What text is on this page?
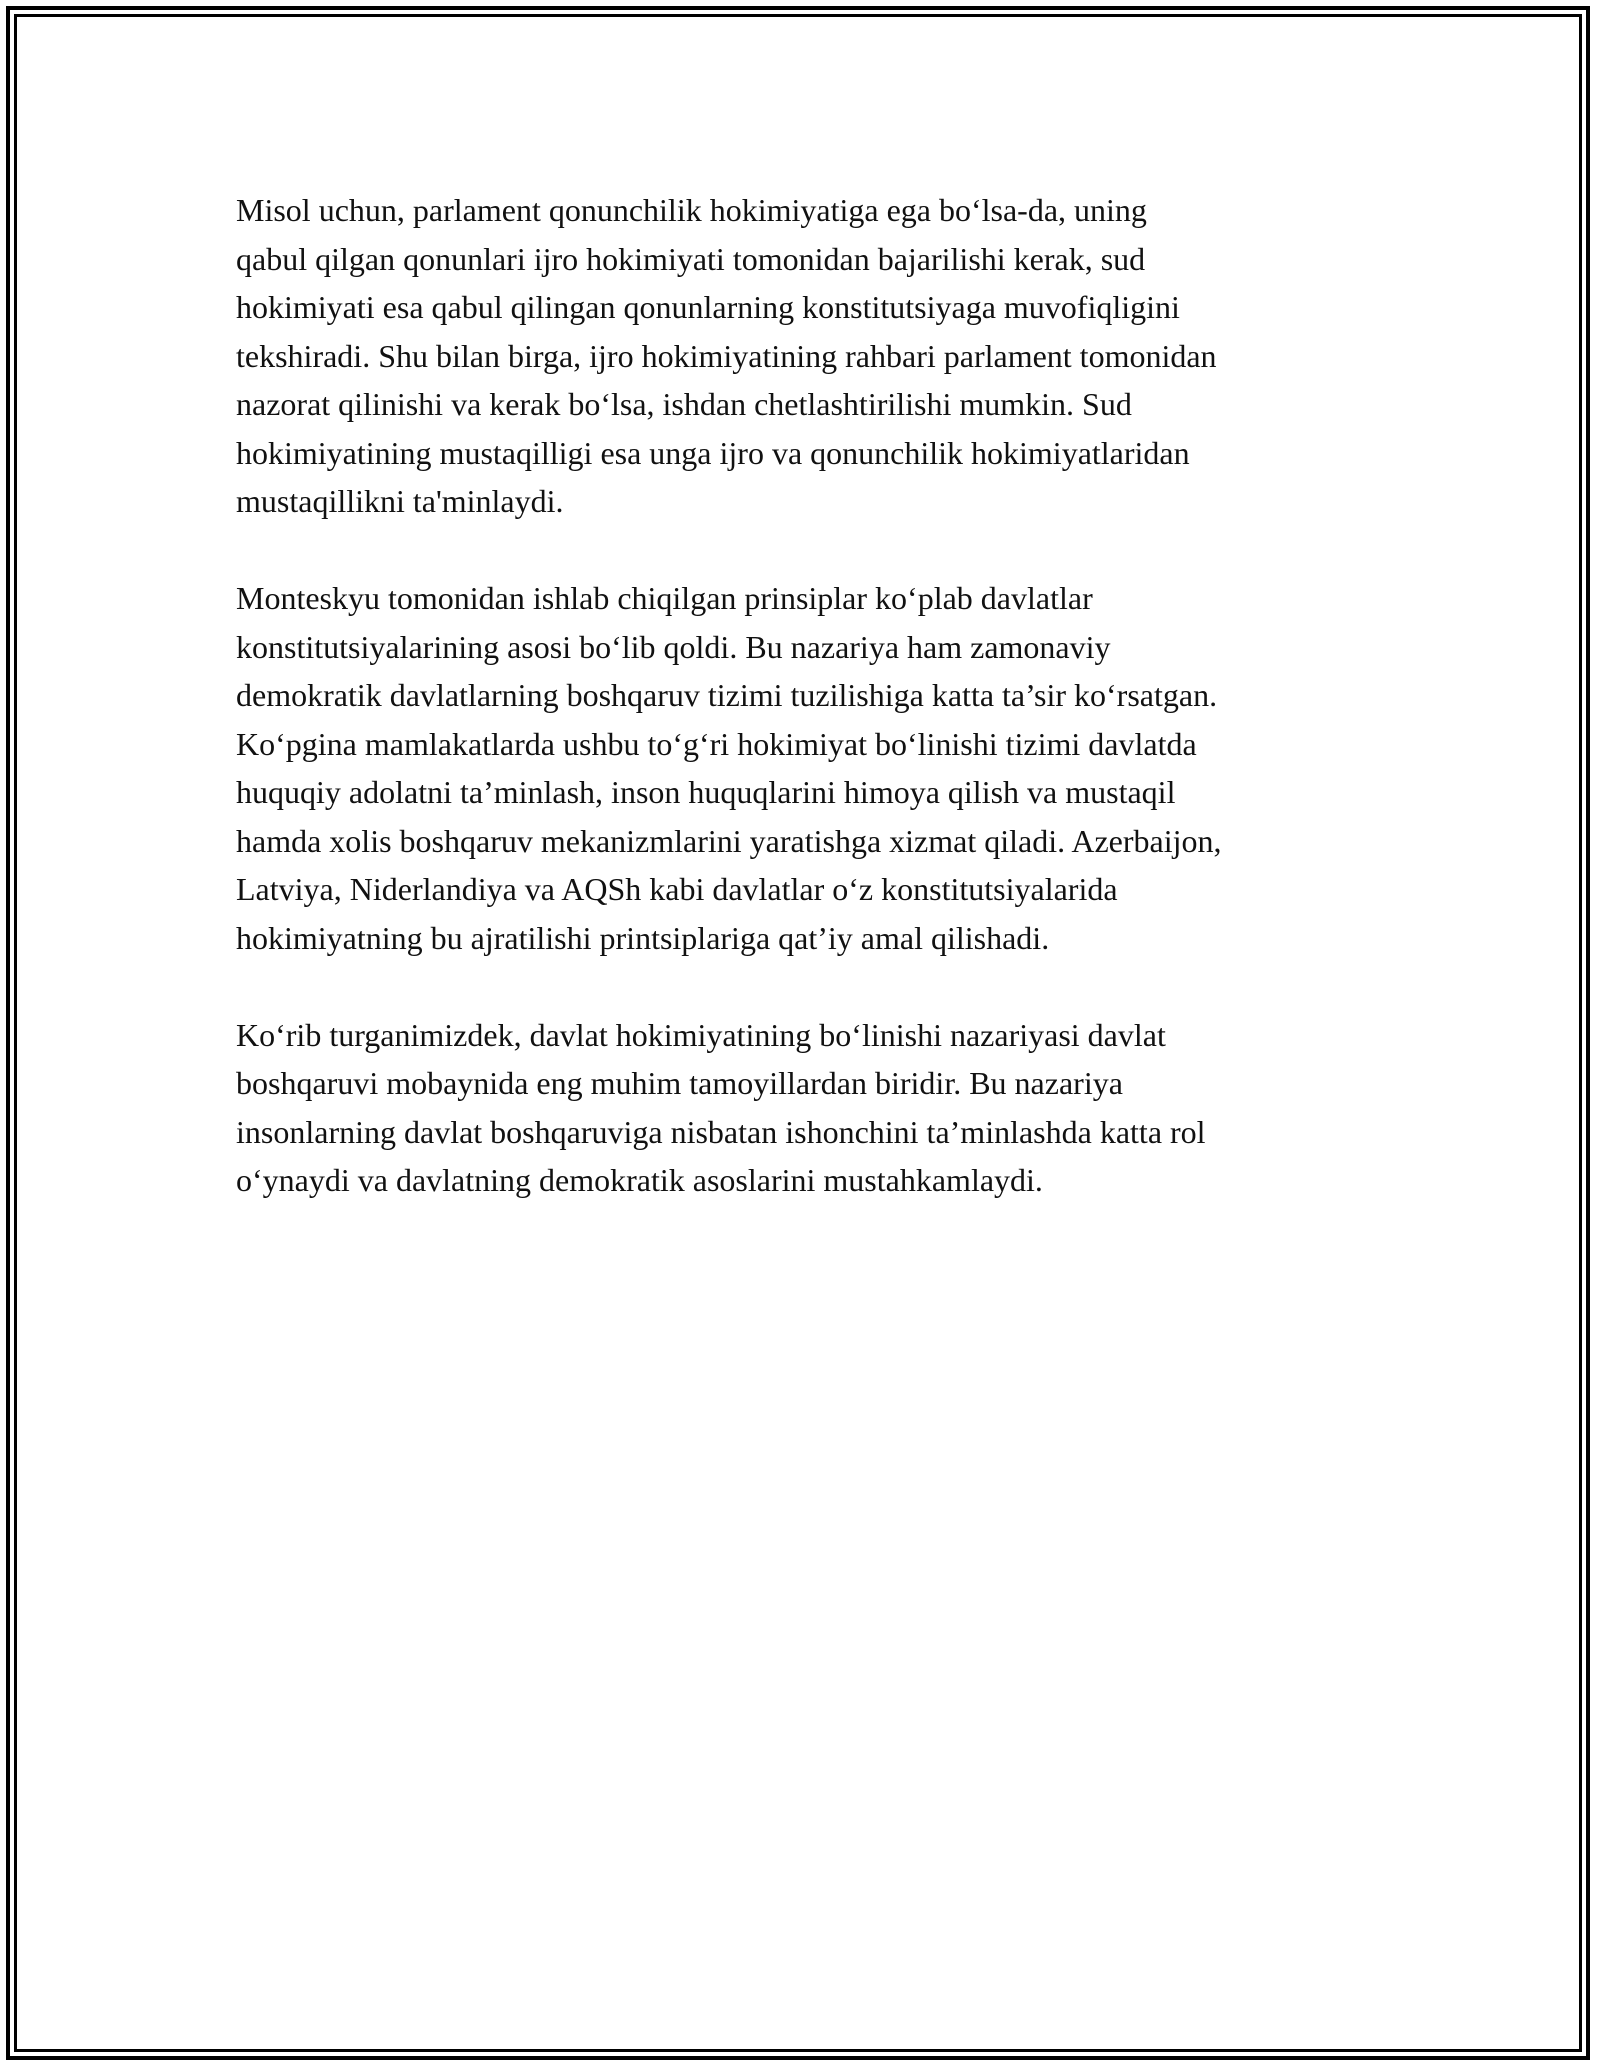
Misol uchun, parlament qonunchilik hokimiyatiga ega bo‘lsa-da, uning
qabul qilgan qonunlari ijro hokimiyati tomonidan bajarilishi kerak, sud
hokimiyati esa qabul qilingan qonunlarning konstitutsiyaga muvofiqligini
tekshiradi. Shu bilan birga, ijro hokimiyatining rahbari parlament tomonidan
nazorat qilinishi va kerak bo‘lsa, ishdan chetlashtirilishi mumkin. Sud
hokimiyatining mustaqilligi esa unga ijro va qonunchilik hokimiyatlaridan
mustaqillikni ta'minlaydi.

Monteskyu tomonidan ishlab chiqilgan prinsiplar ko‘plab davlatlar
konstitutsiyalarining asosi bo‘lib qoldi. Bu nazariya ham zamonaviy
demokratik davlatlarning boshqaruv tizimi tuzilishiga katta ta’sir ko‘rsatgan.
Ko‘pgina mamlakatlarda ushbu to‘g‘ri hokimiyat bo‘linishi tizimi davlatda
huquqiy adolatni ta’minlash, inson huquqlarini himoya qilish va mustaqil
hamda xolis boshqaruv mekanizmlarini yaratishga xizmat qiladi. Azerbaijon,
Latviya, Niderlandiya va AQSh kabi davlatlar o‘z konstitutsiyalarida
hokimiyatning bu ajratilishi printsiplariga qat’iy amal qilishadi.

Ko‘rib turganimizdek, davlat hokimiyatining bo‘linishi nazariyasi davlat
boshqaruvi mobaynida eng muhim tamoyillardan biridir. Bu nazariya
insonlarning davlat boshqaruviga nisbatan ishonchini ta’minlashda katta rol
o‘ynaydi va davlatning demokratik asoslarini mustahkamlaydi.
